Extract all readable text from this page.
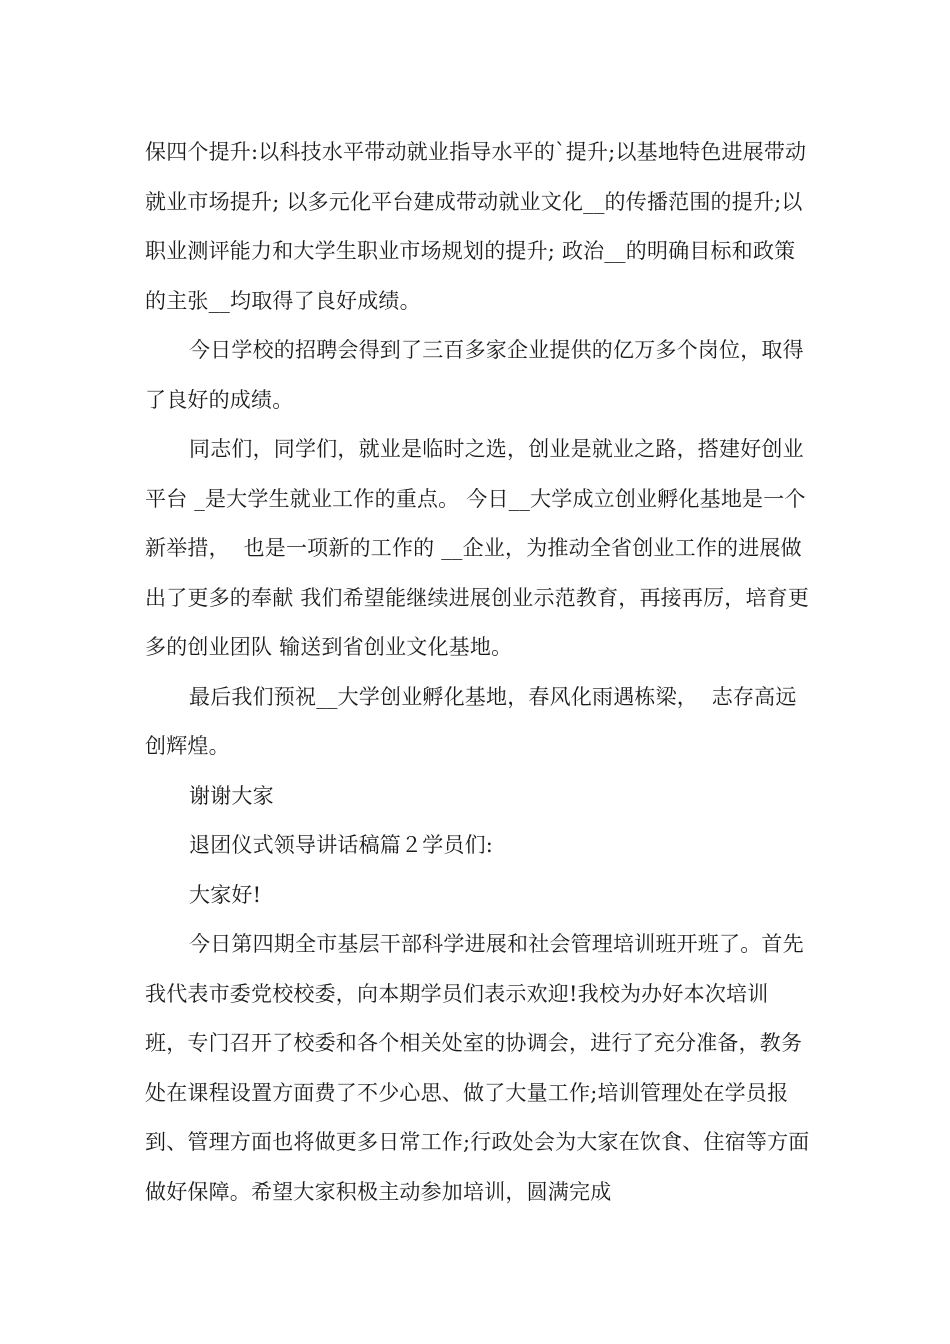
保四个提升:以科技水平带动就业指导水平的`提升;以基地特色进展带动就业市场提升; 以多元化平台建成带动就业文化__的传播范围的提升;以职业测评能力和大学生职业市场规划的提升; 政治__的明确目标和政策的主张__均取得了良好成绩。

今日学校的招聘会得到了三百多家企业提供的亿万多个岗位，取得了良好的成绩。

同志们，同学们，就业是临时之选，创业是就业之路，搭建好创业平台 _是大学生就业工作的重点。 今日__大学成立创业孵化基地是一个新举措，  也是一项新的工作的 __企业，为推动全省创业工作的进展做出了更多的奉献 我们希望能继续进展创业示范教育，再接再厉，培育更多的创业团队 输送到省创业文化基地。

最后我们预祝__大学创业孵化基地，春风化雨遇栋梁，  志存高远创辉煌。

谢谢大家

退团仪式领导讲话稿篇２学员们:

大家好!

今日第四期全市基层干部科学进展和社会管理培训班开班了。首先我代表市委党校校委，向本期学员们表示欢迎!我校为办好本次培训班，专门召开了校委和各个相关处室的协调会，进行了充分准备，教务处在课程设置方面费了不少心思、做了大量工作;培训管理处在学员报到、管理方面也将做更多日常工作;行政处会为大家在饮食、住宿等方面做好保障。希望大家积极主动参加培训，圆满完成
